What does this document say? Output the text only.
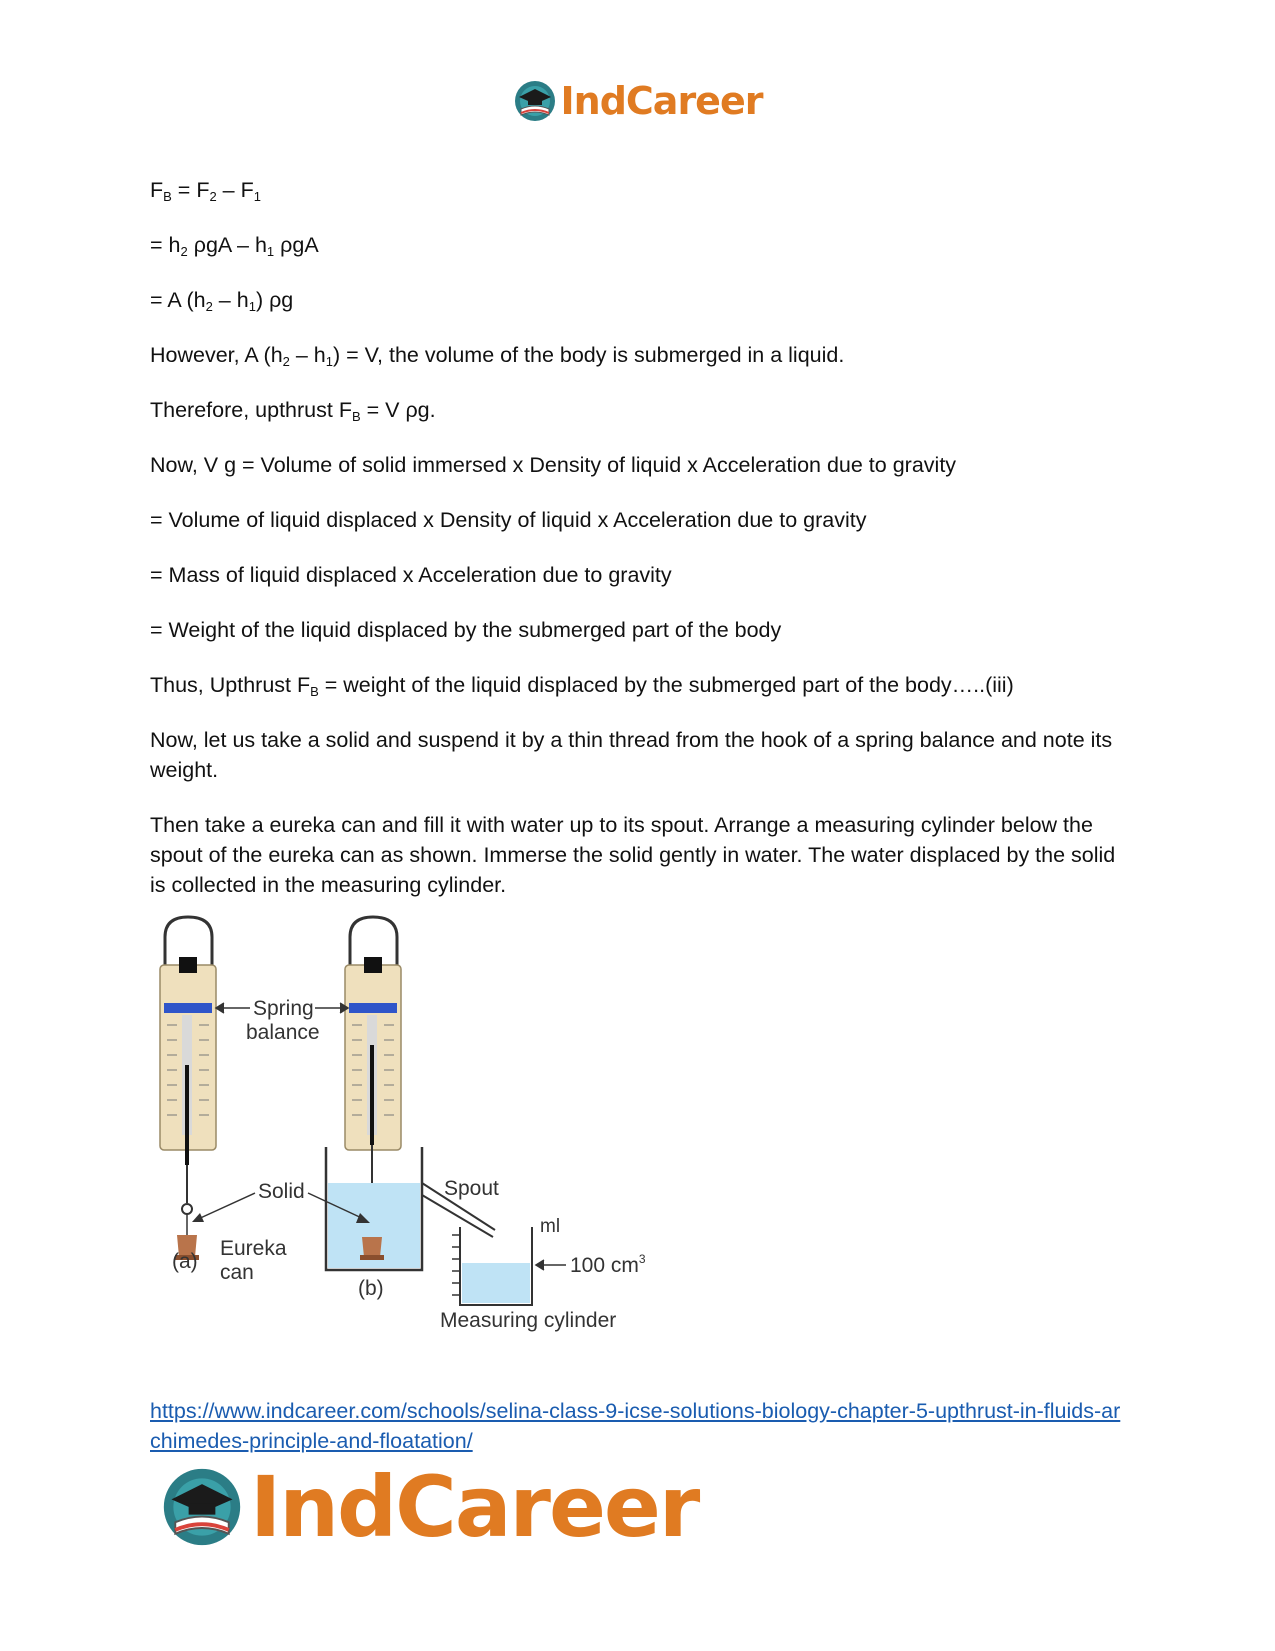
IndCareer

$F_B = F_2 - F_1$

= $h_2$ ρgA – $h_1$ ρgA

= A $(h_2 - h_1)$ ρg

However, A $(h_2 - h_1) = V$, the volume of the body is submerged in a liquid.

Therefore, upthrust $F_B = V$ ρg.

Now, V g = Volume of solid immersed x Density of liquid x Acceleration due to gravity

= Volume of liquid displaced x Density of liquid x Acceleration due to gravity

= Mass of liquid displaced x Acceleration due to gravity

= Weight of the liquid displaced by the submerged part of the body

Thus, Upthrust $F_B$ = weight of the liquid displaced by the submerged part of the body…..(iii)

Now, let us take a solid and suspend it by a thin thread from the hook of a spring balance and note its weight.

Then take a eureka can and fill it with water up to its spout. Arrange a measuring cylinder below the spout of the eureka can as shown. Immerse the solid gently in water. The water displaced by the solid is collected in the measuring cylinder.

Spring
balance
Solid	Spout
ml
100 $cm^3$
(a)
Eureka
can
(b)
Measuring cylinder
https://www.indcareer.com/schools/selina-class-9-icse-solutions-biology-chapter-5-upthrust-in-fluids-archimedes-principle-and-floatation/
IndCareer
